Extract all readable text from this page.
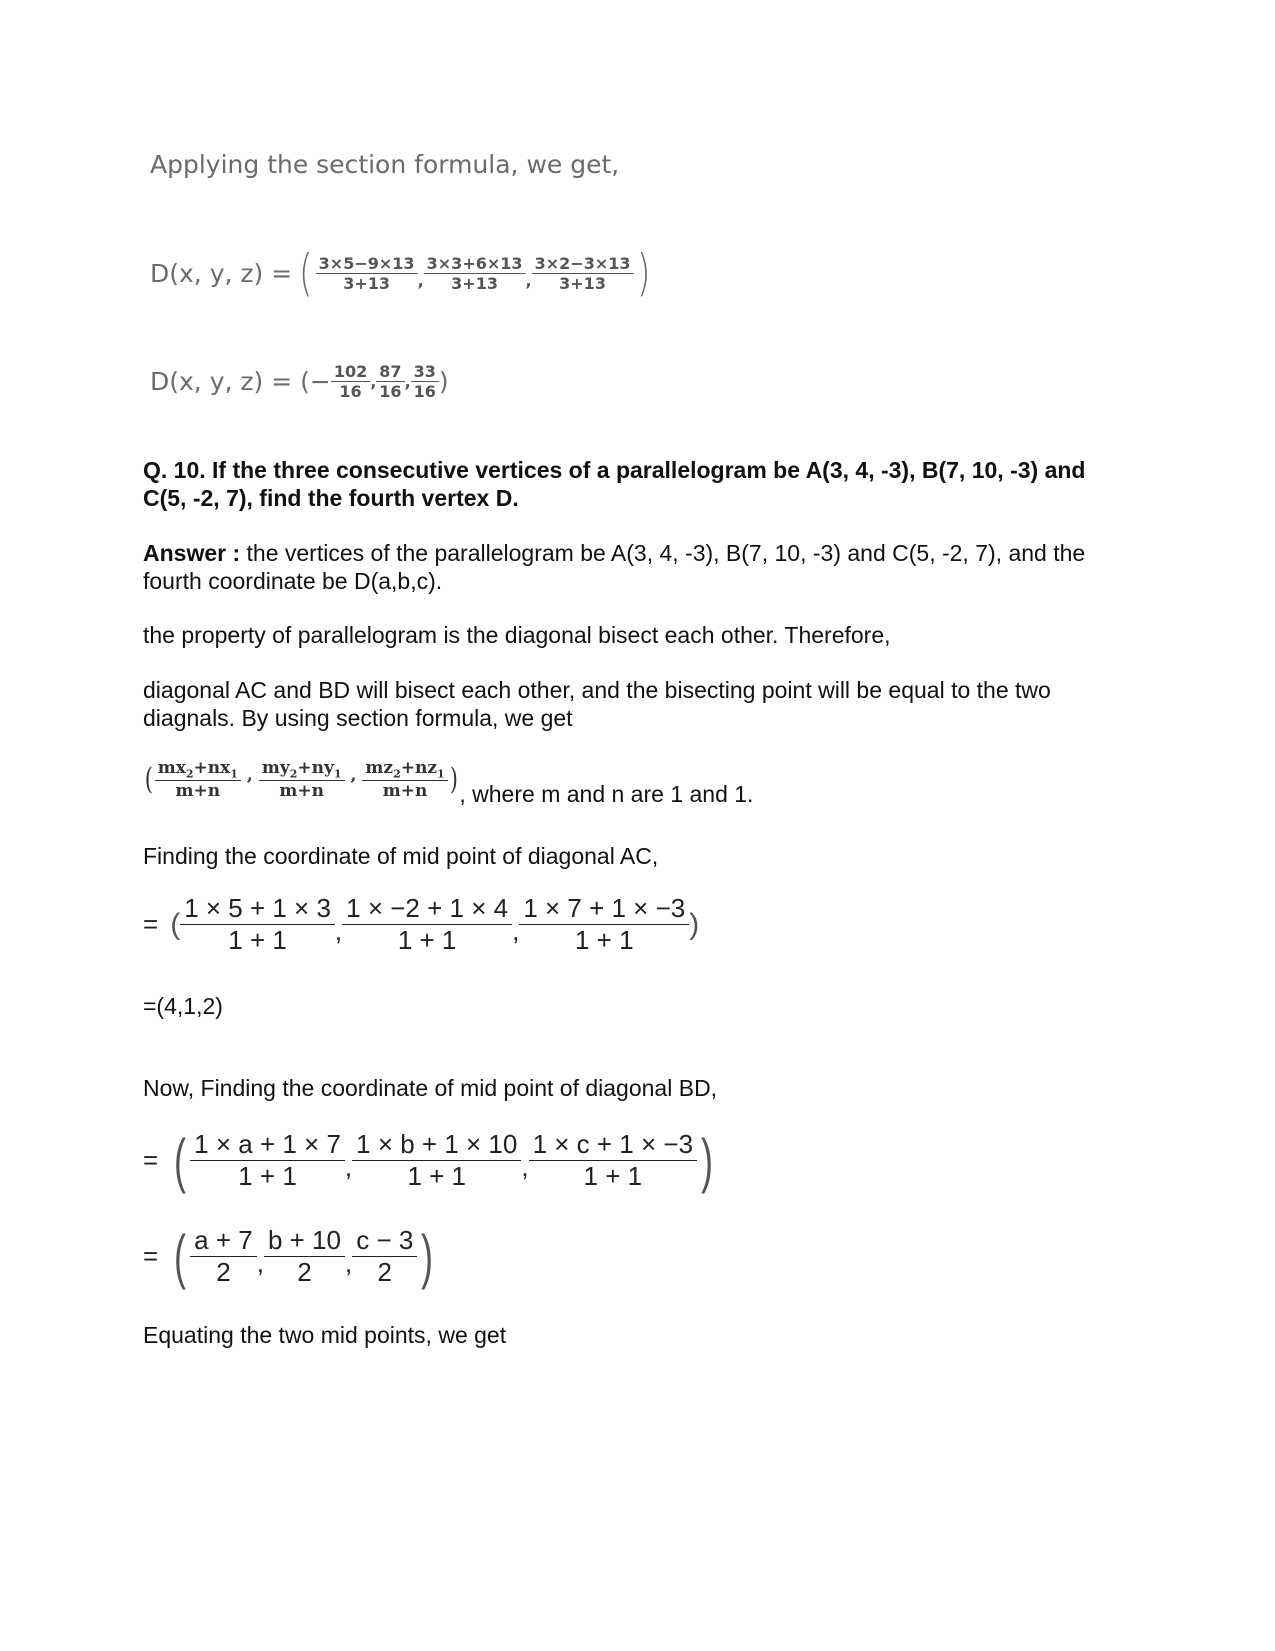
Applying the section formula, we get,
D(x, y, z) = ( $\frac{3\times 5-9\times 13}{3+13}$ , $\frac{3\times 3+6\times 13}{3+13}$ , $\frac{3\times 2-3\times 13}{3+13}$ )
D(x, y, z) = (− $\frac{102}{16}$ , $\frac{87}{16}$ , $\frac{33}{16}$ )
Q. 10. If the three consecutive vertices of a parallelogram be A(3, 4, -3), B(7, 10, -3) and C(5, -2, 7), find the fourth vertex D.
Answer : the vertices of the parallelogram be A(3, 4, -3), B(7, 10, -3) and C(5, -2, 7), and the fourth coordinate be D(a,b,c).
the property of parallelogram is the diagonal bisect each other. Therefore,
diagonal AC and BD will bisect each other, and the bisecting point will be equal to the two diagnals. By using section formula, we get
( $\frac{mx_2+nx_1}{m+n}$ , $\frac{my_2+ny_1}{m+n}$ , $\frac{mz_2+nz_1}{m+n}$ ) , where m and n are 1 and 1.
Finding the coordinate of mid point of diagonal AC,
= ( $\frac{1 \times 5 + 1 \times 3}{1 + 1}$ , $\frac{1 \times -2 + 1 \times 4}{1 + 1}$ , $\frac{1 \times 7 + 1 \times -3}{1 + 1}$ )
=(4,1,2)
Now, Finding the coordinate of mid point of diagonal BD,
= ( $\frac{1 \times a + 1 \times 7}{1 + 1}$ , $\frac{1 \times b + 1 \times 10}{1 + 1}$ , $\frac{1 \times c + 1 \times -3}{1 + 1}$ )
= ( $\frac{a + 7}{2}$ , $\frac{b + 10}{2}$ , $\frac{c - 3}{2}$ )
Equating the two mid points, we get
